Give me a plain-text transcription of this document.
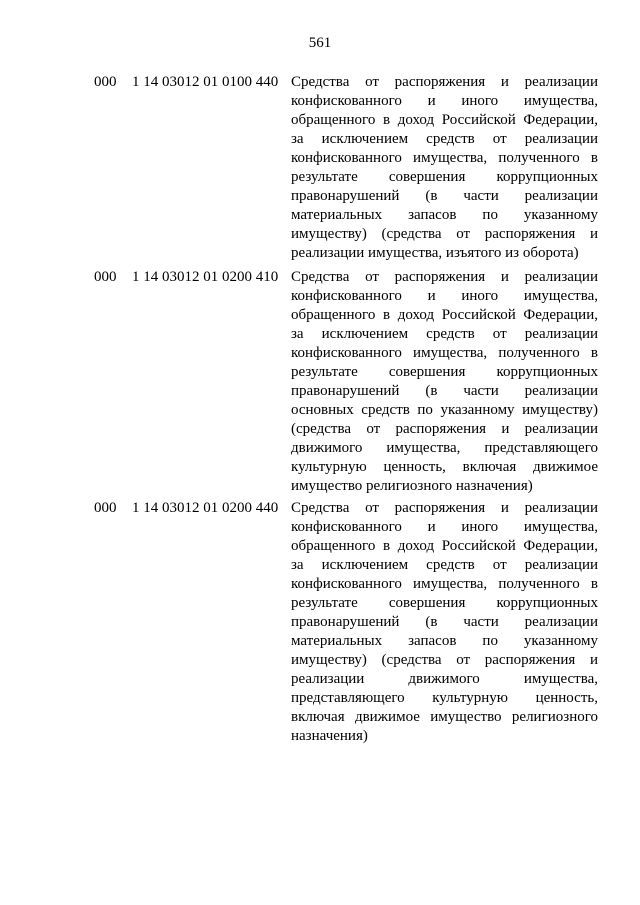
561
000 1 14 03012 01 0100 440 Средства от распоряжения и реализации конфискованного и иного имущества, обращенного в доход Российской Федерации, за исключением средств от реализации конфискованного имущества, полученного в результате совершения коррупционных правонарушений (в части реализации материальных запасов по указанному имуществу) (средства от распоряжения и реализации имущества, изъятого из оборота)
000 1 14 03012 01 0200 410 Средства от распоряжения и реализации конфискованного и иного имущества, обращенного в доход Российской Федерации, за исключением средств от реализации конфискованного имущества, полученного в результате совершения коррупционных правонарушений (в части реализации основных средств по указанному имуществу) (средства от распоряжения и реализации движимого имущества, представляющего культурную ценность, включая движимое имущество религиозного назначения)
000 1 14 03012 01 0200 440 Средства от распоряжения и реализации конфискованного и иного имущества, обращенного в доход Российской Федерации, за исключением средств от реализации конфискованного имущества, полученного в результате совершения коррупционных правонарушений (в части реализации материальных запасов по указанному имуществу) (средства от распоряжения и реализации движимого имущества, представляющего культурную ценность, включая движимое имущество религиозного назначения)
